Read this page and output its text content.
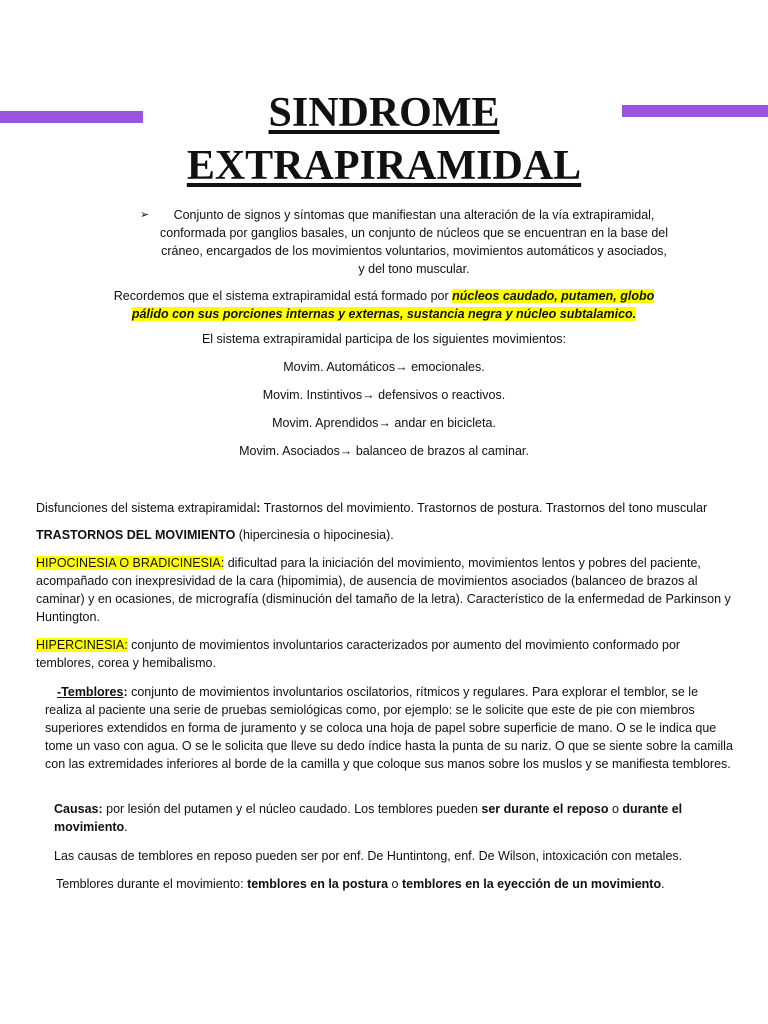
SINDROME
EXTRAPIRAMIDAL
➢	Conjunto de signos y síntomas que manifiestan una alteración de la vía extrapiramidal, conformada por ganglios basales, un conjunto de núcleos que se encuentran en la base del cráneo, encargados de los movimientos voluntarios, movimientos automáticos y asociados, y del tono muscular.
Recordemos que el sistema extrapiramidal está formado por núcleos caudado, putamen, globo pálido con sus porciones internas y externas, sustancia negra y núcleo subtalamico.
El sistema extrapiramidal participa de los siguientes movimientos:
Movim. Automáticos→ emocionales.
Movim. Instintivos→ defensivos o reactivos.
Movim. Aprendidos→ andar en bicicleta.
Movim. Asociados→ balanceo de brazos al caminar.
Disfunciones del sistema extrapiramidal: Trastornos del movimiento. Trastornos de postura. Trastornos del tono muscular
TRASTORNOS DEL MOVIMIENTO (hipercinesia o hipocinesia).
HIPOCINESIA O BRADICINESIA: dificultad para la iniciación del movimiento, movimientos lentos y pobres del paciente, acompañado con inexpresividad de la cara (hipomimia), de ausencia de movimientos asociados (balanceo de brazos al caminar) y en ocasiones, de micrografía (disminución del tamaño de la letra). Característico de la enfermedad de Parkinson y Huntington.
HIPERCINESIA: conjunto de movimientos involuntarios caracterizados por aumento del movimiento conformado por temblores, corea y hemibalismo.
-Temblores: conjunto de movimientos involuntarios oscilatorios, rítmicos y regulares. Para explorar el temblor, se le realiza al paciente una serie de pruebas semiológicas como, por ejemplo: se le solicite que este de pie con miembros superiores extendidos en forma de juramento y se coloca una hoja de papel sobre superficie de mano. O se le indica que tome un vaso con agua. O se le solicita que lleve su dedo índice hasta la punta de su nariz. O que se siente sobre la camilla con las extremidades inferiores al borde de la camilla y que coloque sus manos sobre los muslos y se manifiesta temblores.
Causas: por lesión del putamen y el núcleo caudado. Los temblores pueden ser durante el reposo o durante el movimiento.
Las causas de temblores en reposo pueden ser por enf. De Huntintong, enf. De Wilson, intoxicación con metales.
Temblores durante el movimiento: temblores en la postura o temblores en la eyección de un movimiento.
